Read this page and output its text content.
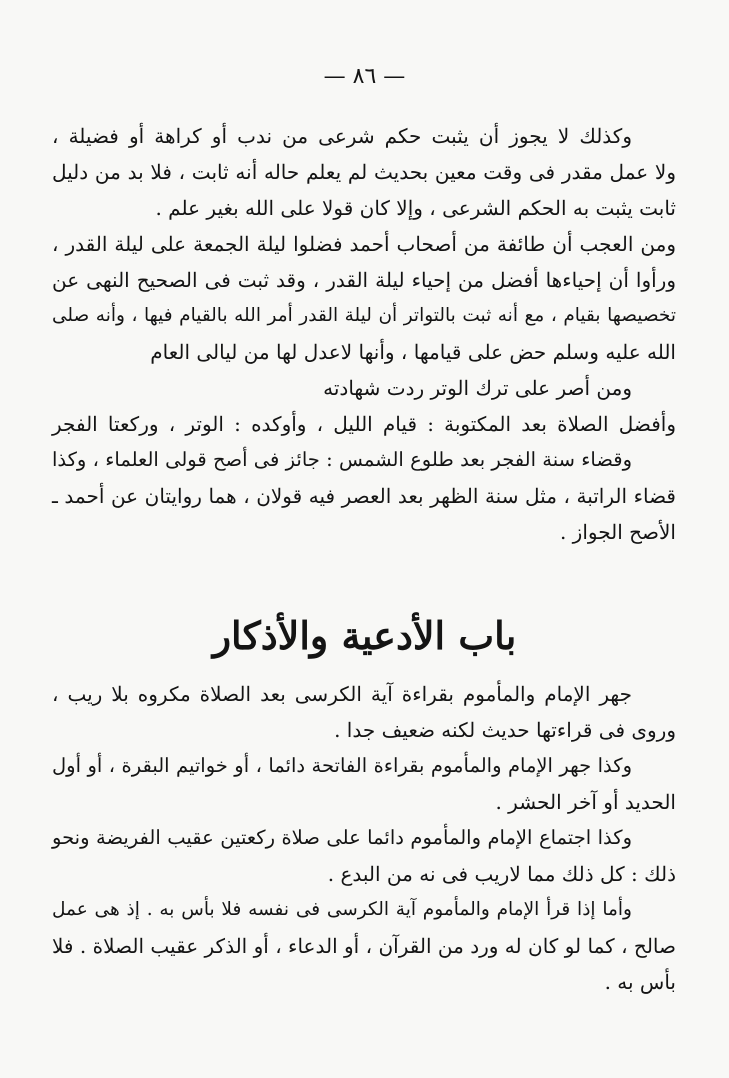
— ٨٦ —
وكذلك لا يجوز أن يثبت حكم شرعى من ندب أو كراهة أو فضيلة ،
ولا عمل مقدر فى وقت معين بحديث لم يعلم حاله أنه ثابت ، فلا بد من دليل
ثابت يثبت به الحكم الشرعى ، وإلا كان قولا على الله بغير علم .
ومن العجب أن طائفة من أصحاب أحمد فضلوا ليلة الجمعة على ليلة القدر ،
ورأوا أن إحياءها أفضل من إحياء ليلة القدر ، وقد ثبت فى الصحيح النهى عن
تخصيصها بقيام ، مع أنه ثبت بالتواتر أن ليلة القدر أمر الله بالقيام فيها ، وأنه صلى
الله عليه وسلم حض على قيامها ، وأنها لاعدل لها من ليالى العام
ومن أصر على ترك الوتر ردت شهادته
وأفضل الصلاة بعد المكتوبة : قيام الليل ، وأوكده : الوتر ، وركعتا الفجر
وقضاء سنة الفجر بعد طلوع الشمس : جائز فى أصح قولى العلماء ، وكذا
قضاء الراتبة ، مثل سنة الظهر بعد العصر فيه قولان ، هما روايتان عن أحمد ـ
الأصح الجواز .
باب الأدعية والأذكار
جهر الإمام والمأموم بقراءة آية الكرسى بعد الصلاة مكروه بلا ريب ،
وروى فى قراءتها حديث لكنه ضعيف جدا .
وكذا جهر الإمام والمأموم بقراءة الفاتحة دائما ، أو خواتيم البقرة ، أو أول
الحديد أو آخر الحشر .
وكذا اجتماع الإمام والمأموم دائما على صلاة ركعتين عقيب الفريضة ونحو
ذلك : كل ذلك مما لاريب فى نه من البدع .
وأما إذا قرأ الإمام والمأموم آية الكرسى فى نفسه فلا بأس به . إذ هى عمل
صالح ، كما لو كان له ورد من القرآن ، أو الدعاء ، أو الذكر عقيب الصلاة . فلا
بأس به .
